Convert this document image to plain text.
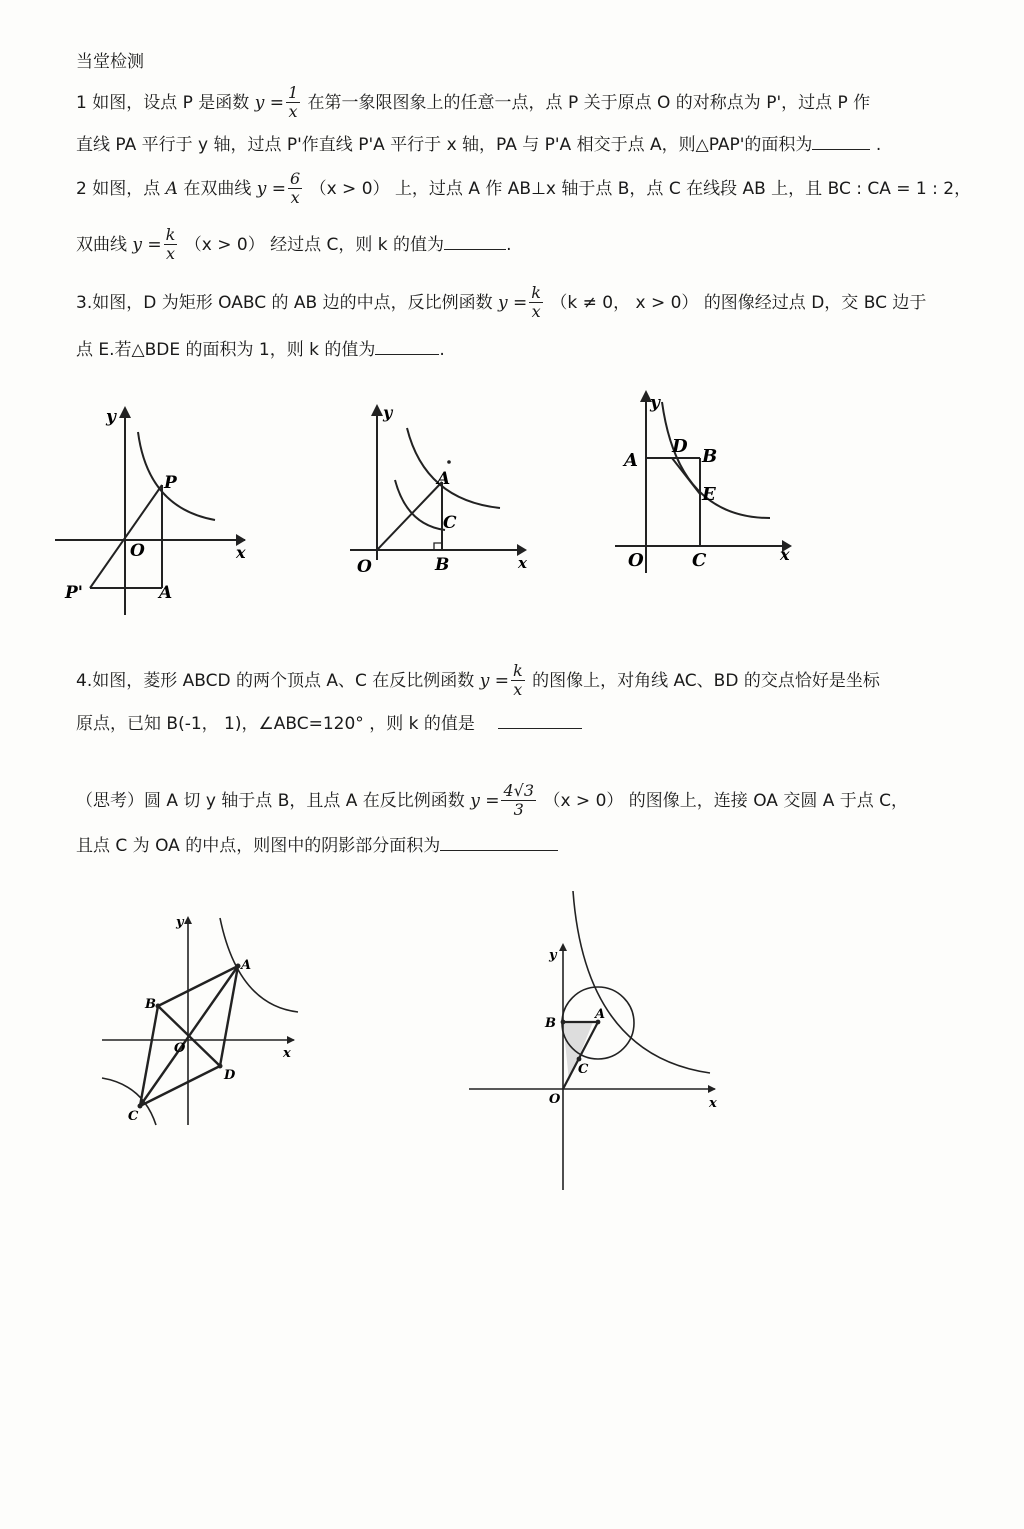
当堂检测
1 如图，设点 P 是函数 $y = \frac{1}{x}$ 在第一象限图象上的任意一点，点 P 关于原点 O 的对称点为 P'，过点 P 作
直线 PA 平行于 y 轴，过点 P'作直线 P'A 平行于 x 轴，PA 与 P'A 相交于点 A，则△PAP'的面积为	.
2 如图，点 A 在双曲线 $y = \frac{6}{x} (x > 0)$ 上，过点 A 作 AB⊥x 轴于点 B，点 C 在线段 AB 上，且 BC : CA = 1 : 2，
双曲线 $y = \frac{k}{x} (x > 0)$ 经过点 C，则 k 的值为	.
3.如图，D 为矩形 OABC 的 AB 边的中点，反比例函数 $y = \frac{k}{x} (k \ne 0$， x > 0） 的图像经过点 D，交 BC 边于
点 E.若△BDE 的面积为 1，则 k 的值为	.
y
x
O
P
P'	A
y
x
O
A
B
C
y
x
O
A	B
C
D
E
4.如图，菱形 ABCD 的两个顶点 A、C 在反比例函数 $y = \frac{k}{x}$ 的图像上，对角线 AC、BD 的交点恰好是坐标
原点，已知 B(-1， 1)，∠ABC=120° ，则 k 的值是
（思考）圆 A 切 y 轴于点 B，且点 A 在反比例函数 $y = \frac{4√3}{3} (x > 0)$ 的图像上，连接 OA 交圆 A 于点 C，
且点 C 为 OA 的中点，则图中的阴影部分面积为
y
x
O
A
B
C
D
y
x
O
A
B
C
